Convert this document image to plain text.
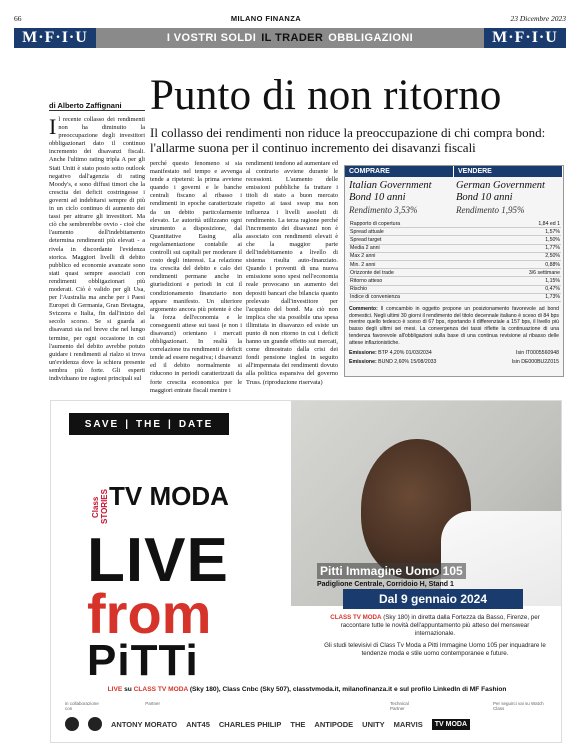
66	MILANO FINANZA	23 Dicembre 2023
M·F·I·U	I VOSTRI SOLDI IL TRADER OBBLIGAZIONI	M·F·I·U
Punto di non ritorno
di Alberto Zaffignani
Il collasso dei rendimenti non riduce la preoccupazione di chi compra bond: l'allarme suona per il continuo incremento dei disavanzi fiscali
Il recente collasso dei rendimenti non ha diminuito la preoccupazione degli investitori obbligazionari dato il continuo incremento dei disavanzi fiscali. Anche l'ultimo rating tripla A per gli Stati Uniti è stato posto sotto outlook negativo dall'agenzia di rating Moody's, e sono diffusi timori che la crescita dei deficit costringesse i governi ad indebitarsi sempre di più in un ciclo continuo di aumento dei tassi per attrarre gli investitori. Ma ciò che sembrerebbe ovvio - cioè che l'aumento dell'indebitamento determina rendimenti più elevati - a rivela in discordante l'evidenza storica. Maggiori livelli di debito pubblico ed economie avanzate sono stati quasi sempre associati con rendimenti obbligazionari più moderati. Ciò è valido per gli Usa, per l'Australia ma anche per i Paesi Europei di Germania, Gran Bretagna, Svizzera e Italia, fin dall'inizio del secolo scorso. Se si guarda ai disavanzi sia nel breve che nel lungo termine, per ogni occasione in cui l'aumento del debito avrebbe potuto guidare i rendimenti al rialzo si trova un'evidenza dove la schiera presente sembra più forte. Gli esperti individuano tre ragioni principali sul
perché questo fenomeno si sia manifestato nel tempo e avvenga tende a ripetersi: la prima avviene quando i governi e le banche centrali fiscano al ribasso i rendimenti in epoche caratterizzate da un debito particolarmente elevato. Le autorità utilizzano ogni strumento a disposizione, dal Quantitative Easing alla regolamentazione contabile ai controlli sui capitali per moderare il costo degli interessi. La relazione tra crescita del debito e calo dei rendimenti permane anche in giurisdizioni e periodi in cui il condizionamento finanziario non appare manifesto. Un ulteriore argomento ancora più potente è che la forza dell'economia e le conseguenti attese sui tassi (e non i disavanzi) orientano i mercati obbligazionari. In realtà la correlazione tra rendimenti e deficit tende ad essere negativa; i disavanzi ed il debito normalmente si riducono in periodi caratterizzati da forte crescita economica per le maggiori entrate fiscali mentre i
rendimenti tendono ad aumentare ed al contrario avviene durante le recessioni. L'aumento delle emissioni pubbliche fa trattare i titoli di stato a buon mercato rispetto ai tassi swap ma non influenza i livelli assoluti di rendimento. La terza ragione perché l'incremento dei disavanzi non è associato con rendimenti elevati è che la maggior parte dell'indebitamento a livello di sistema risulta auto-finanziato. Quando i proventi di una nuova emissione sono spesi nell'economia reale provocano un aumento dei depositi bancari che bilancia quanto prelevato dall'investitore per l'acquisto del bond. Ma ciò non implica che sia possibile una spesa illimitata in disavanzo ed esiste un punto di non ritorno in cui i deficit hanno un grande effetto sui mercati, come dimostrato dalla crisi dei fondi pensione inglesi in seguito all'impennata dei rendimenti dovuto alla politica espansiva del governo Truss. (riproduzione riservata)
COMPRARE	VENDERE
Italian Government Bond 10 anni
Rendimento 3,53%
German Government Bond 10 anni
Rendimento 1,95%
Rapporto di copertura	1,84 ed 1
Spread attuale	1,57%
Spread target	1,50%
Media 2 anni	1,77%
Max 2 anni	2,50%
Min. 2 anni	0,88%
Orizzonte del trade	3/6 settimane
Ritorno atteso	1,15%
Rischio	0,47%
Indice di convenienza	1,73%
Commento: Il comcambio in oggetto propone un posizionamento favorevole ad bond domestici. Negli ultimi 30 giorni il rendimento del titolo decennale italiano è sceso di 84 bps mentre quello tedesco è sceso di 67 bps, riportando il differenziale a 157 bps, il livello più basso degli ultimi sei mesi. La convergenza dei tassi riflette la continuazione di una tendenza favorevole all'obbligazioni sulla base di una continua revisione al ribasso delle attese inflazionistiche.
Emissione: BTP 4,20% 01/03/2034	Isin IT0005560948
Emissione: BUND 2,60% 15/08/2033	Isin DE000BU2Z015
SAVE | THE | DATE
Class STORIES TV MODA
LIVE
from
PiTTi
Pitti Immagine Uomo 105
Padiglione Centrale, Corridoio H, Stand 1
Dal 9 gennaio 2024

CLASS TV MODA (Sky 180) in diretta dalla Fortezza da Basso, Firenze, per raccontare tutte le novità dell'appuntamento più atteso del menswear internazionale.

Gli studi televisivi di Class Tv Moda a Pitti Immagine Uomo 105 per inquadrare le tendenze moda e stile uomo contemporanee e future.

LIVE su CLASS TV MODA (Sky 180), Class Cnbc (Sky 507), classtvmoda.it, milanofinanza.it e sul profilo LinkedIn di MF Fashion
in collaborazione con
Partner	Technical Partner
Per seguirci vai su Watch Class
ANTONY MORATO ANT45 CHARLES PHILIP THE ANTIPODE UNITY MARVIS	TV MODA
